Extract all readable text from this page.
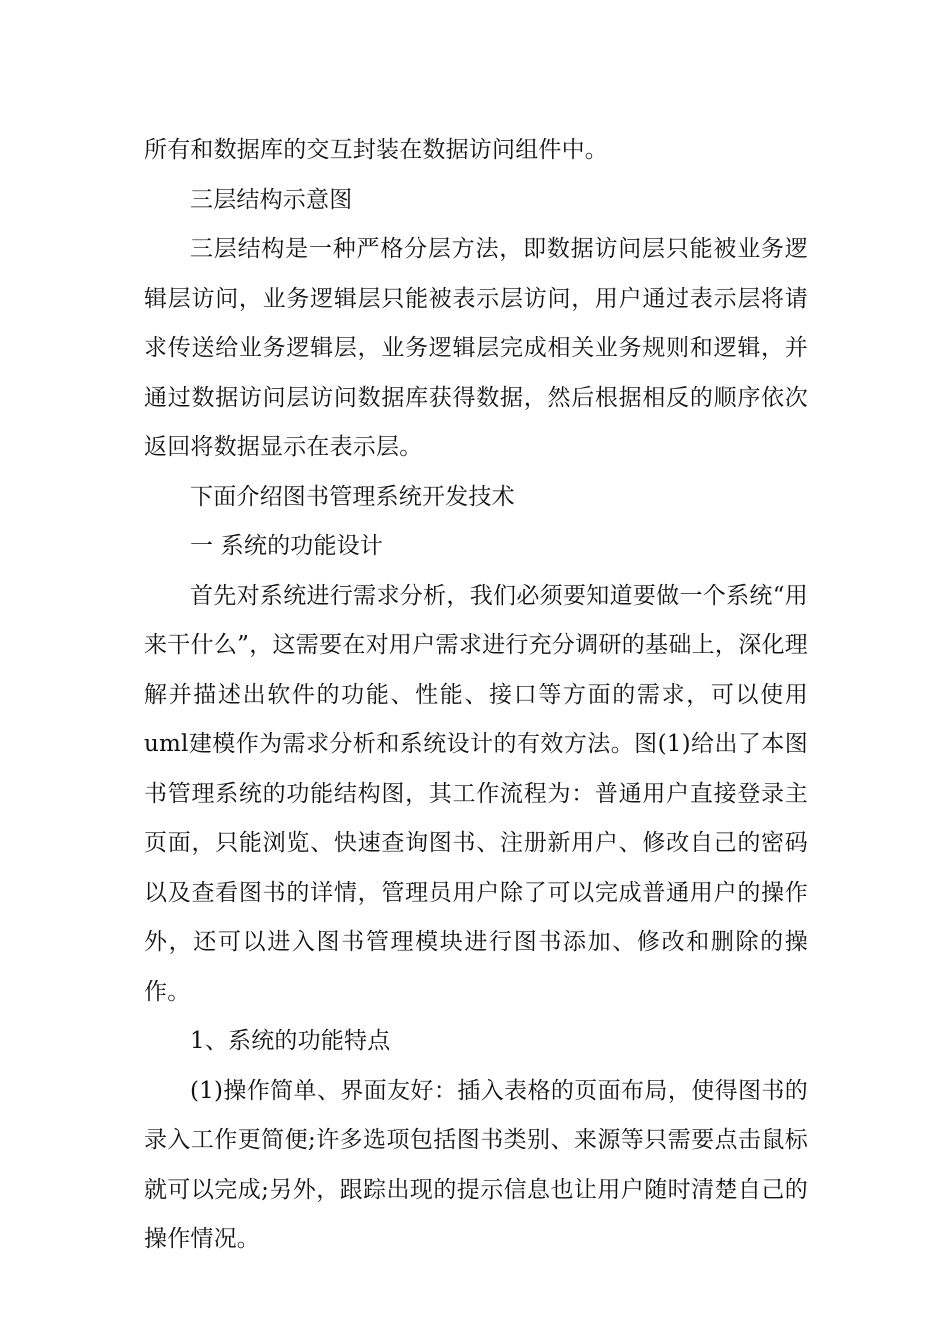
所有和数据库的交互封装在数据访问组件中。

三层结构示意图

三层结构是一种严格分层方法，即数据访问层只能被业务逻辑层访问，业务逻辑层只能被表示层访问，用户通过表示层将请求传送给业务逻辑层，业务逻辑层完成相关业务规则和逻辑，并通过数据访问层访问数据库获得数据，然后根据相反的顺序依次返回将数据显示在表示层。

下面介绍图书管理系统开发技术

一 系统的功能设计

首先对系统进行需求分析，我们必须要知道要做一个系统“用来干什么”，这需要在对用户需求进行充分调研的基础上，深化理解并描述出软件的功能、性能、接口等方面的需求，可以使用uml建模作为需求分析和系统设计的有效方法。图(1)给出了本图书管理系统的功能结构图，其工作流程为：普通用户直接登录主页面，只能浏览、快速查询图书、注册新用户、修改自己的密码以及查看图书的详情，管理员用户除了可以完成普通用户的操作外，还可以进入图书管理模块进行图书添加、修改和删除的操作。

1、系统的功能特点

(1)操作简单、界面友好：插入表格的页面布局，使得图书的录入工作更简便;许多选项包括图书类别、来源等只需要点击鼠标就可以完成;另外，跟踪出现的提示信息也让用户随时清楚自己的操作情况。
